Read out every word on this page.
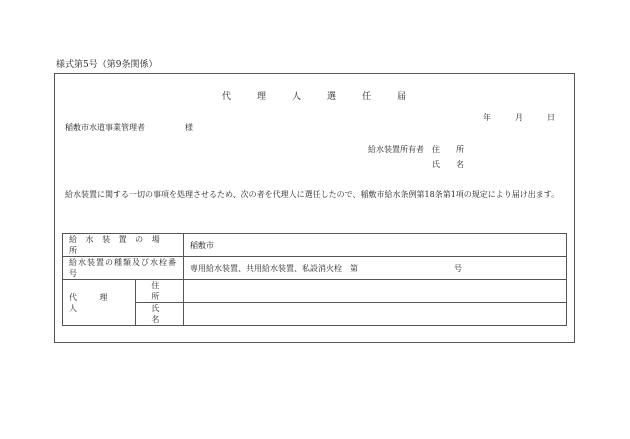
様式第5号（第9条関係）
代	理	人	選	任	届
年	月	日
稲敷市水道事業管理者　　　　　様
給水装置所有者　住　　所
氏　　名
給水装置に関する一切の事項を処理させるため、次の者を代理人に選任したので、稲敷市給水条例第18条第1項の規定により届け出ます。
給 水 装 置 の 場 所		稲敷市
給水装置の種類及び水栓番号		専用給水装置、共用給水装置、私設消火栓　第　　　　　　　　　　　　号
代 理 人	住 所	
	氏 名	
